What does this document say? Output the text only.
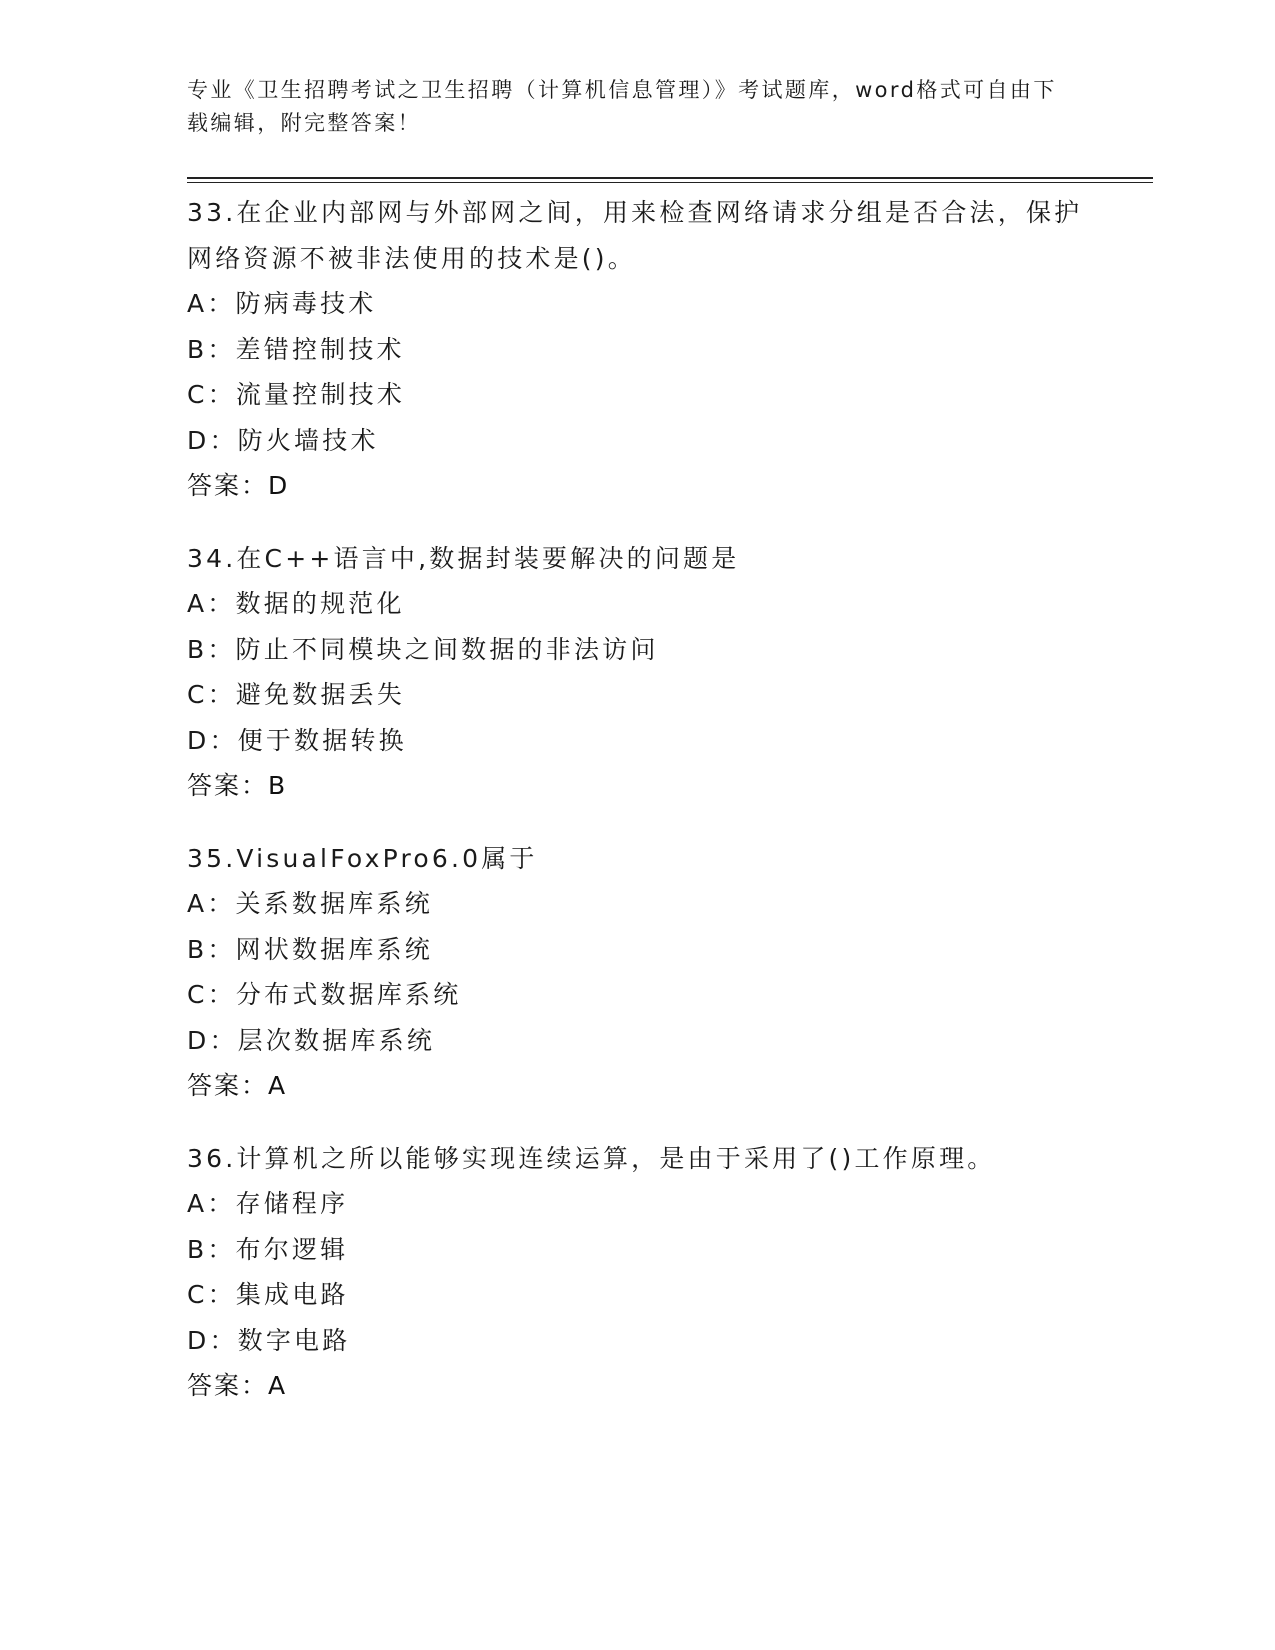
专业《卫生招聘考试之卫生招聘（计算机信息管理）》考试题库，word格式可自由下载编辑，附完整答案！

33.在企业内部网与外部网之间，用来检查网络请求分组是否合法，保护网络资源不被非法使用的技术是()。

A：防病毒技术

B：差错控制技术

C：流量控制技术

D：防火墙技术

答案：D

34.在C++语言中,数据封装要解决的问题是

A：数据的规范化

B：防止不同模块之间数据的非法访问

C：避免数据丢失

D：便于数据转换

答案：B

35.VisualFoxPro6.0属于

A：关系数据库系统

B：网状数据库系统

C：分布式数据库系统

D：层次数据库系统

答案：A

36.计算机之所以能够实现连续运算，是由于采用了()工作原理。

A：存储程序

B：布尔逻辑

C：集成电路

D：数字电路

答案：A
